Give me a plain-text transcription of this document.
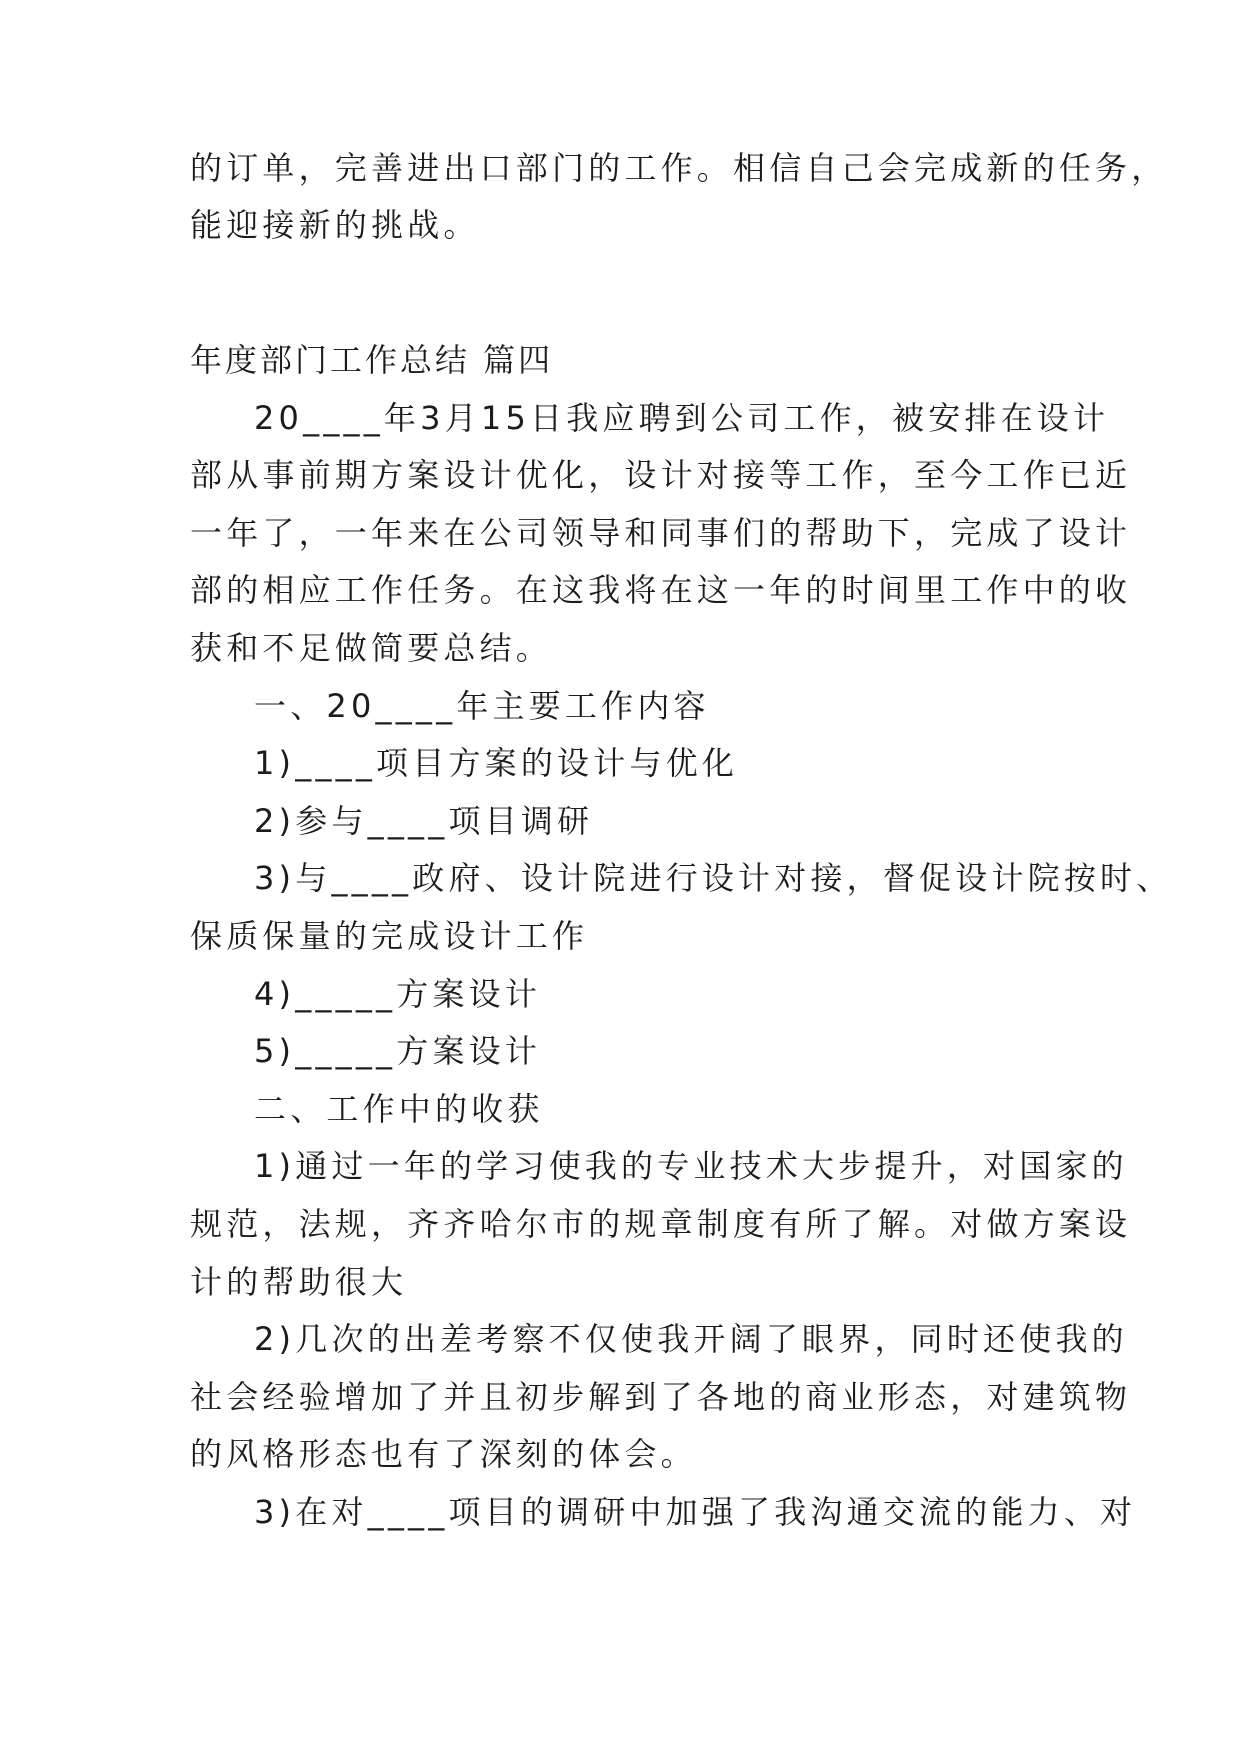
的订单，完善进出口部门的工作。相信自己会完成新的任务，
能迎接新的挑战。
年度部门工作总结 篇四
20____年3月15日我应聘到公司工作，被安排在设计
部从事前期方案设计优化，设计对接等工作，至今工作已近
一年了，一年来在公司领导和同事们的帮助下，完成了设计
部的相应工作任务。在这我将在这一年的时间里工作中的收
获和不足做简要总结。
一、20____年主要工作内容
1)____项目方案的设计与优化
2)参与____项目调研
3)与____政府、设计院进行设计对接，督促设计院按时、
保质保量的完成设计工作
4)_____方案设计
5)_____方案设计
二、工作中的收获
1)通过一年的学习使我的专业技术大步提升，对国家的
规范，法规，齐齐哈尔市的规章制度有所了解。对做方案设
计的帮助很大
2)几次的出差考察不仅使我开阔了眼界，同时还使我的
社会经验增加了并且初步解到了各地的商业形态，对建筑物
的风格形态也有了深刻的体会。
3)在对____项目的调研中加强了我沟通交流的能力、对
